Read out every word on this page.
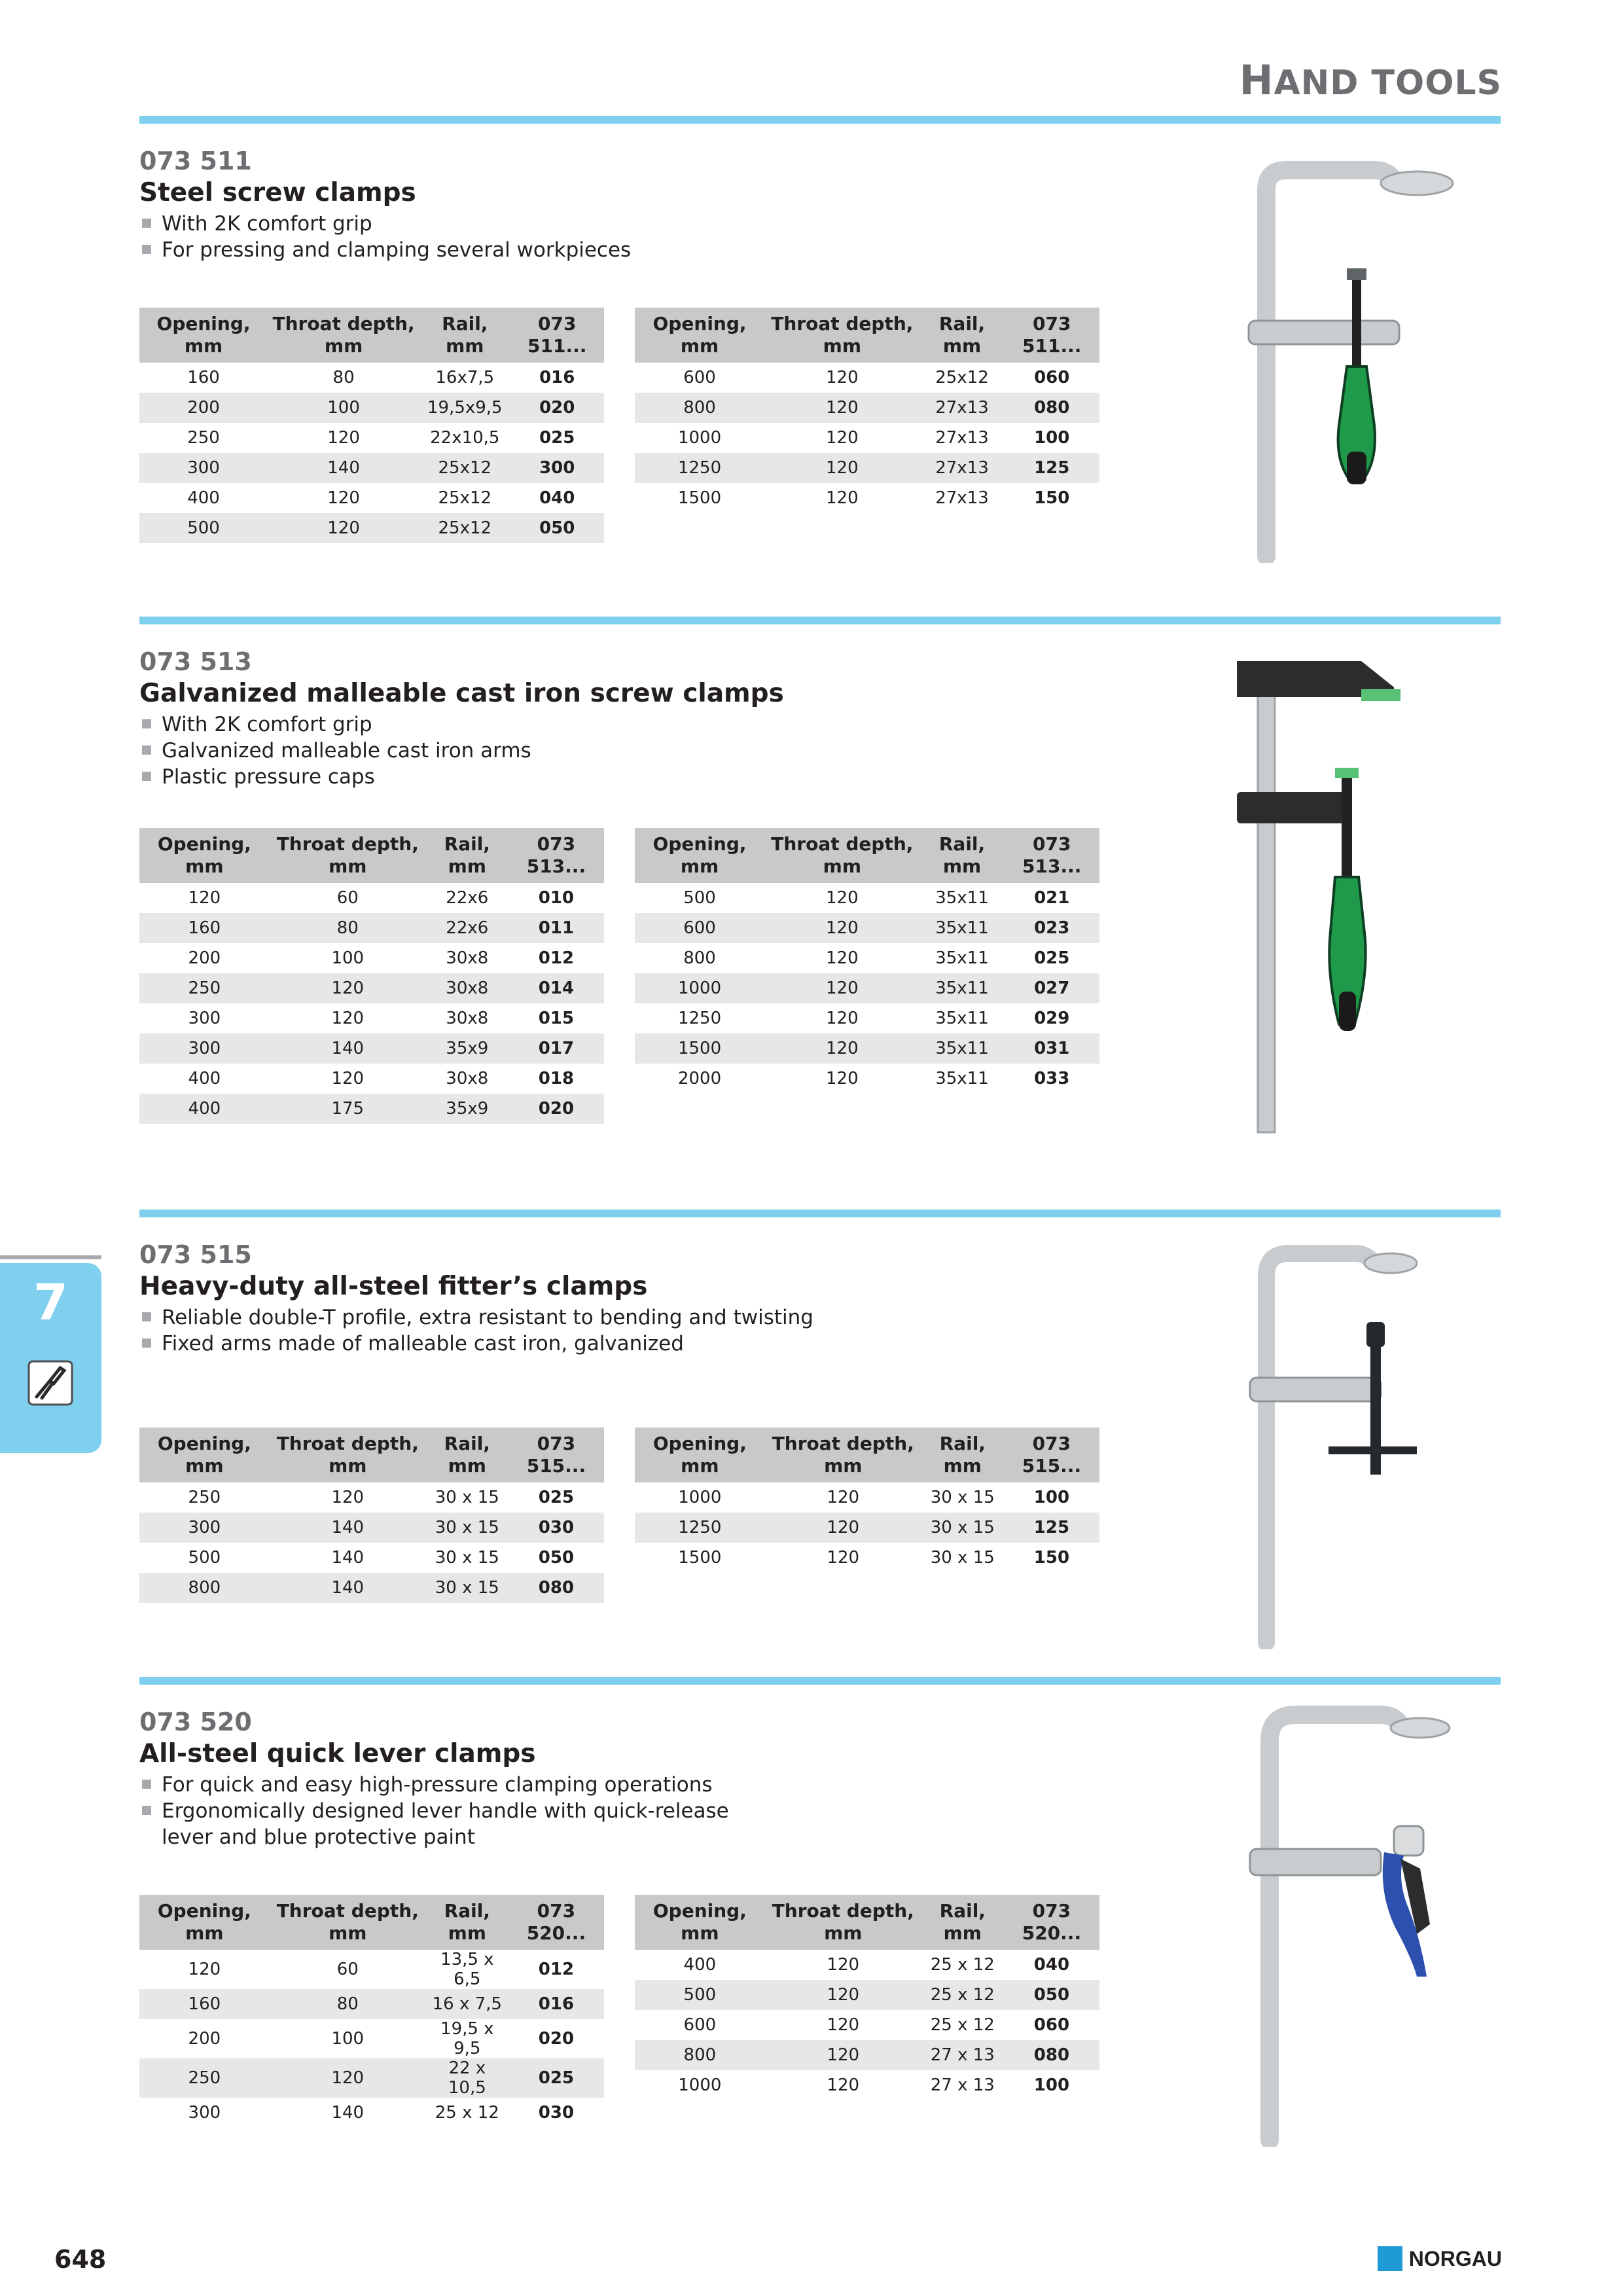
HAND TOOLS
073 511
Steel screw clamps
With 2K comfort grip
For pressing and clamping several workpieces
Opening, mm	Throat depth, mm	Rail, mm	073 511...
160	80	16x7,5	016
200	100	19,5x9,5	020
250	120	22x10,5	025
300	140	25x12	300
400	120	25x12	040
500	120	25x12	050
Opening, mm	Throat depth, mm	Rail, mm	073 511...
600	120	25x12	060
800	120	27x13	080
1000	120	27x13	100
1250	120	27x13	125
1500	120	27x13	150
073 513
Galvanized malleable cast iron screw clamps
With 2K comfort grip
Galvanized malleable cast iron arms
Plastic pressure caps
Opening, mm	Throat depth, mm	Rail, mm	073 513...
120	60	22x6	010
160	80	22x6	011
200	100	30x8	012
250	120	30x8	014
300	120	30x8	015
300	140	35x9	017
400	120	30x8	018
400	175	35x9	020
Opening, mm	Throat depth, mm	Rail, mm	073 513...
500	120	35x11	021
600	120	35x11	023
800	120	35x11	025
1000	120	35x11	027
1250	120	35x11	029
1500	120	35x11	031
2000	120	35x11	033
073 515
Heavy-duty all-steel fitter’s clamps
Reliable double-T profile, extra resistant to bending and twisting
Fixed arms made of malleable cast iron, galvanized
Opening, mm	Throat depth, mm	Rail, mm	073 515...
250	120	30 x 15	025
300	140	30 x 15	030
500	140	30 x 15	050
800	140	30 x 15	080
Opening, mm	Throat depth, mm	Rail, mm	073 515...
1000	120	30 x 15	100
1250	120	30 x 15	125
1500	120	30 x 15	150
073 520
All-steel quick lever clamps
For quick and easy high-pressure clamping operations
Ergonomically designed lever handle with quick-release lever and blue protective paint
Opening, mm	Throat depth, mm	Rail, mm	073 520...
120	60	13,5 x 6,5	012
160	80	16 x 7,5	016
200	100	19,5 x 9,5	020
250	120	22 x 10,5	025
300	140	25 x 12	030
Opening, mm	Throat depth, mm	Rail, mm	073 520...
400	120	25 x 12	040
500	120	25 x 12	050
600	120	25 x 12	060
800	120	27 x 13	080
1000	120	27 x 13	100
7
648	NORGAU
